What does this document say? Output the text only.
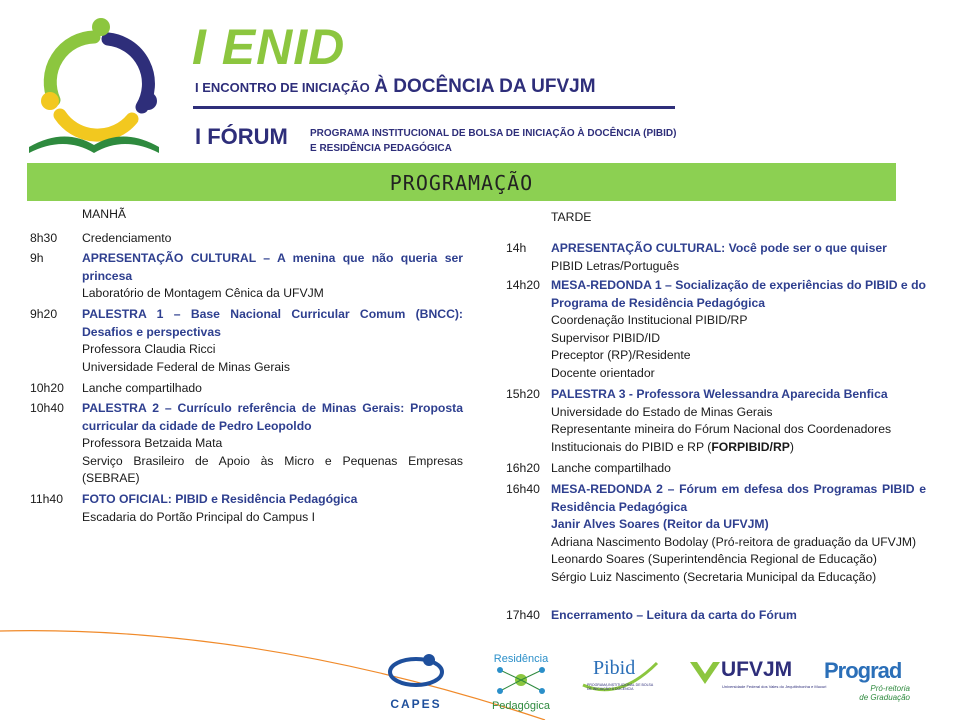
I ENID
I ENCONTRO DE INICIAÇÃO À DOCÊNCIA DA UFVJM
I FÓRUM PROGRAMA INSTITUCIONAL DE BOLSA DE INICIAÇÃO À DOCÊNCIA (PIBID)
E RESIDÊNCIA PEDAGÓGICA
PROGRAMAÇÃO
MANHÃ
8h30 Credenciamento
9h	APRESENTAÇÃO CULTURAL – A menina que não queria ser princesa
Laboratório de Montagem Cênica da UFVJM
9h20 PALESTRA 1 – Base Nacional Curricular Comum (BNCC): Desafios e perspectivas
Professora Claudia Ricci
Universidade Federal de Minas Gerais
10h20 Lanche compartilhado
10h40 PALESTRA 2 – Currículo referência de Minas Gerais: Proposta curricular da cidade de Pedro Leopoldo
Professora Betzaida Mata
Serviço Brasileiro de Apoio às Micro e Pequenas Empresas (SEBRAE)
11h40 FOTO OFICIAL: PIBID e Residência Pedagógica
Escadaria do Portão Principal do Campus I
TARDE
14h APRESENTAÇÃO CULTURAL: Você pode ser o que quiser
PIBID Letras/Português
14h20 MESA-REDONDA 1 – Socialização de experiências do PIBID e do Programa de Residência Pedagógica
Coordenação Institucional PIBID/RP
Supervisor PIBID/ID
Preceptor (RP)/Residente
Docente orientador
15h20 PALESTRA 3 - Professora Welessandra Aparecida Benfica
Universidade do Estado de Minas Gerais
Representante mineira do Fórum Nacional dos Coordenadores Institucionais do PIBID e RP (FORPIBID/RP)
16h20 Lanche compartilhado
16h40 MESA-REDONDA 2 – Fórum em defesa dos Programas PIBID e Residência Pedagógica
Janir Alves Soares (Reitor da UFVJM)
Adriana Nascimento Bodolay (Pró-reitora de graduação da UFVJM)
Leonardo Soares (Superintendência Regional de Educação)
Sérgio Luiz Nascimento (Secretaria Municipal da Educação)
17h40 Encerramento – Leitura da carta do Fórum
CAPES
Residência
Pedagógica
Pibid
PROGRAMA INSTITUCIONAL DE BOLSA DE INICIAÇÃO À DOCÊNCIA
UFVJM
Universidade Federal dos Vales do Jequitinhonha e Mucuri
Prograd
Pró-reitoria
de Graduação
